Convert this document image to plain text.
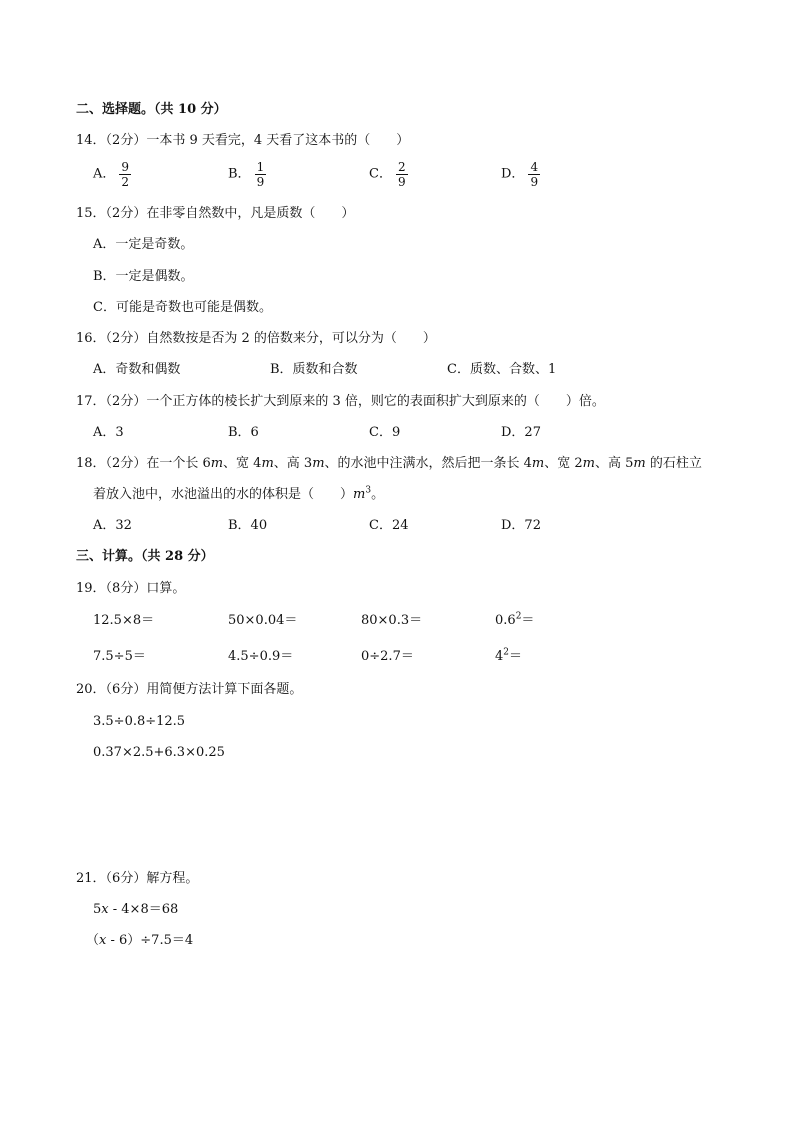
二、选择题。（共 10 分）
14．（2分）一本书 9 天看完，4 天看了这本书的（　　）
A． $\frac{9}{2}$	B． $\frac{1}{9}$	C． $\frac{2}{9}$	D． $\frac{4}{9}$
15．（2分）在非零自然数中，凡是质数（　　）
A．一定是奇数。
B．一定是偶数。
C．可能是奇数也可能是偶数。
16．（2分）自然数按是否为 2 的倍数来分，可以分为（　　）
A．奇数和偶数	B．质数和合数	C．质数、合数、1
17．（2分）一个正方体的棱长扩大到原来的 3 倍，则它的表面积扩大到原来的（　　）倍。
A．3	B．6	C．9	D．27
18．（2分）在一个长 6m、宽 4m、高 3m、的水池中注满水，然后把一条长 4m、宽 2m、高 5m 的石柱立
着放入池中，水池溢出的水的体积是（　　）$m^3$。
A．32	B．40	C．24	D．72
三、计算。（共 28 分）
19．（8分）口算。
12.5×8＝	50×0.04＝	80×0.3＝	$0.6^2=$
7.5÷5＝	4.5÷0.9＝	0÷2.7＝	$4^2=$
20．（6分）用简便方法计算下面各题。
3.5÷0.8÷12.5
0.37×2.5+6.3×0.25
21．（6分）解方程。
5x - 4×8＝68
（x - 6）÷7.5＝4
